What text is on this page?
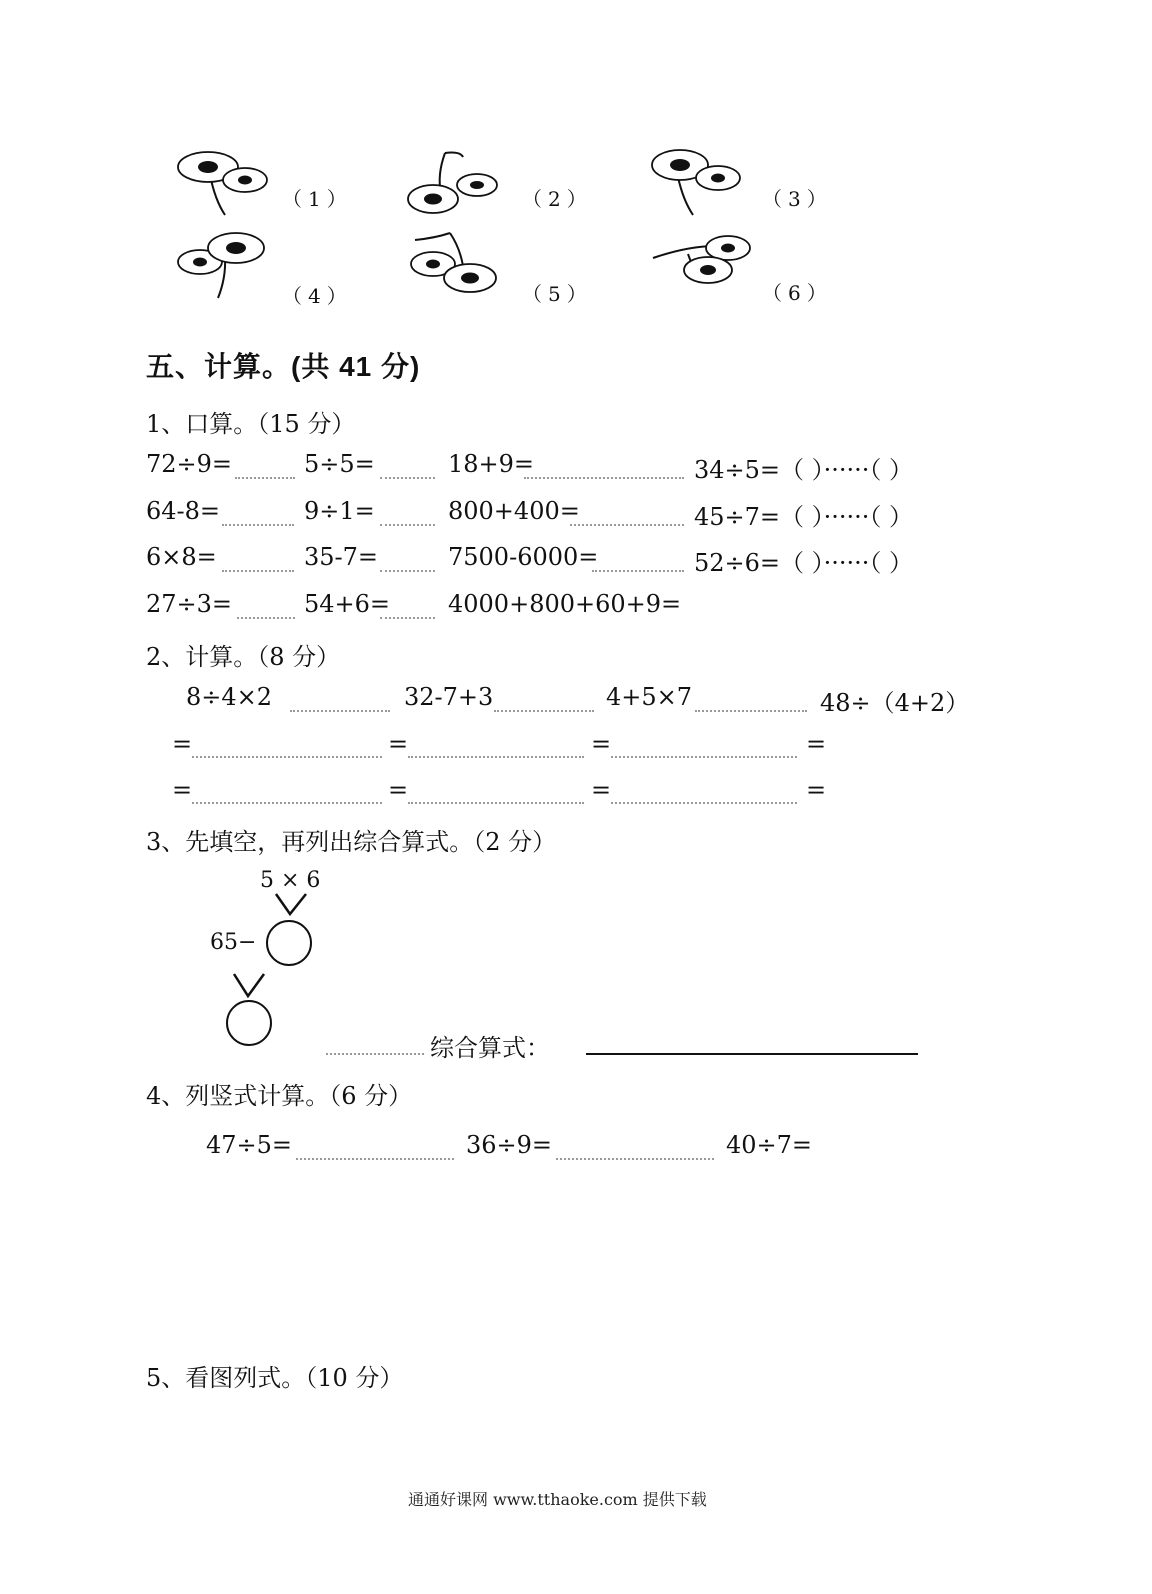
（1）	（2）	（3）
（4）	（5）	（6）
五、计算。(共 41 分)
1、口算。（15 分）
72÷9=	5÷5=	18+9=	34÷5=（ ）······（ ）
64-8=	9÷1=	800+400=	45÷7=（ ）······（ ）
6×8=	35-7=	7500-6000=	52÷6=（ ）······（ ）
27÷3=	54+6= 4000+800+60+9=
2、计算。（8 分）
8÷4×2	32-7+3	4+5×7	48÷（4+2）
=	=	=	=
=	=	=	=
3、先填空，再列出综合算式。（2 分）
5 × 6
65−
综合算式：
4、列竖式计算。（6 分）
47÷5=	36÷9=	40÷7=
5、看图列式。（10 分）
通通好课网 www.tthaoke.com 提供下载
